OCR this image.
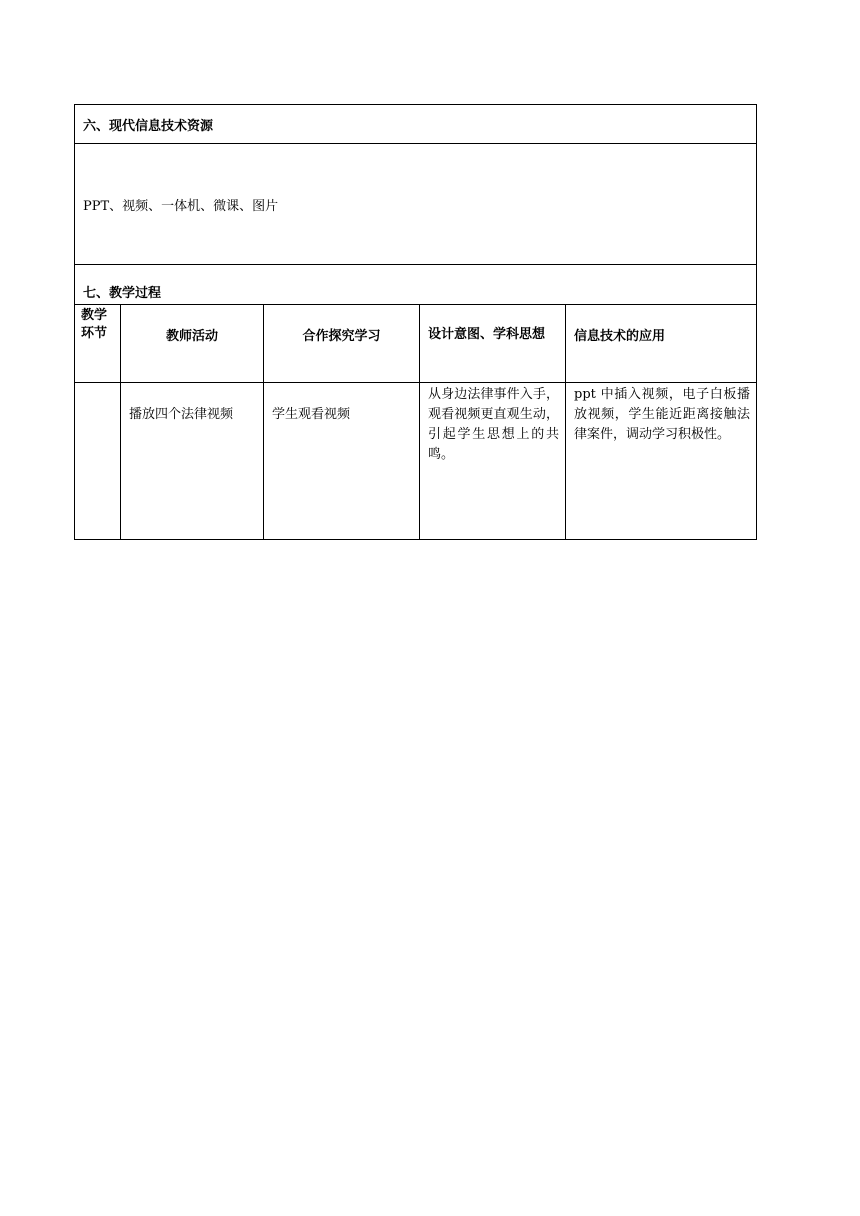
六、现代信息技术资源				
PPT、视频、一体机、微课、图片				

七、教学过程				

教学环节	教师活动	合作探究学习	设计意图、学科思想	信息技术的应用
	播放四个法律视频	学生观看视频	从身边法律事件入手，观看视频更直观生动，引起学生思想上的共鸣。	ppt 中插入视频，电子白板播放视频，学生能近距离接触法律案件，调动学习积极性。
